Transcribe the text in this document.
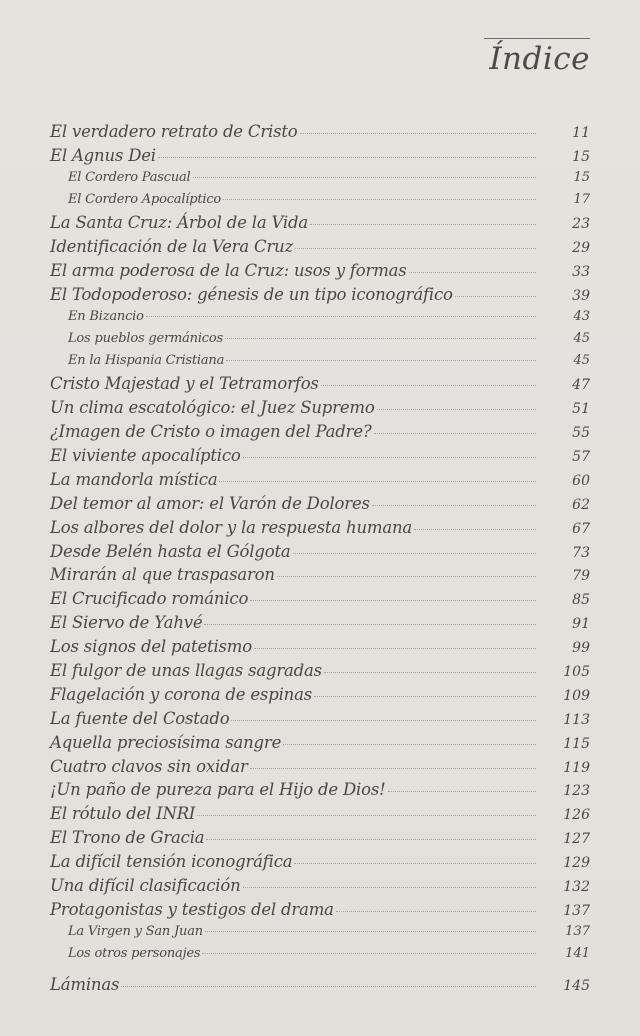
Índice
El verdadero retrato de Cristo	11
El Agnus Dei	15
El Cordero Pascual	15
El Cordero Apocalíptico	17
La Santa Cruz: Árbol de la Vida	23
Identificación de la Vera Cruz	29
El arma poderosa de la Cruz: usos y formas	33
El Todopoderoso: génesis de un tipo iconográfico	39
En Bizancio	43
Los pueblos germánicos	45
En la Hispania Cristiana	45
Cristo Majestad y el Tetramorfos	47
Un clima escatológico: el Juez Supremo	51
¿Imagen de Cristo o imagen del Padre?	55
El viviente apocalíptico	57
La mandorla mística	60
Del temor al amor: el Varón de Dolores	62
Los albores del dolor y la respuesta humana	67
Desde Belén hasta el Gólgota	73
Mirarán al que traspasaron	79
El Crucificado románico	85
El Siervo de Yahvé	91
Los signos del patetismo	99
El fulgor de unas llagas sagradas	105
Flagelación y corona de espinas	109
La fuente del Costado	113
Aquella preciosísima sangre	115
Cuatro clavos sin oxidar	119
¡Un paño de pureza para el Hijo de Dios!	123
El rótulo del INRI	126
El Trono de Gracia	127
La difícil tensión iconográfica	129
Una difícil clasificación	132
Protagonistas y testigos del drama	137
La Virgen y San Juan	137
Los otros personajes	141
Láminas	145
